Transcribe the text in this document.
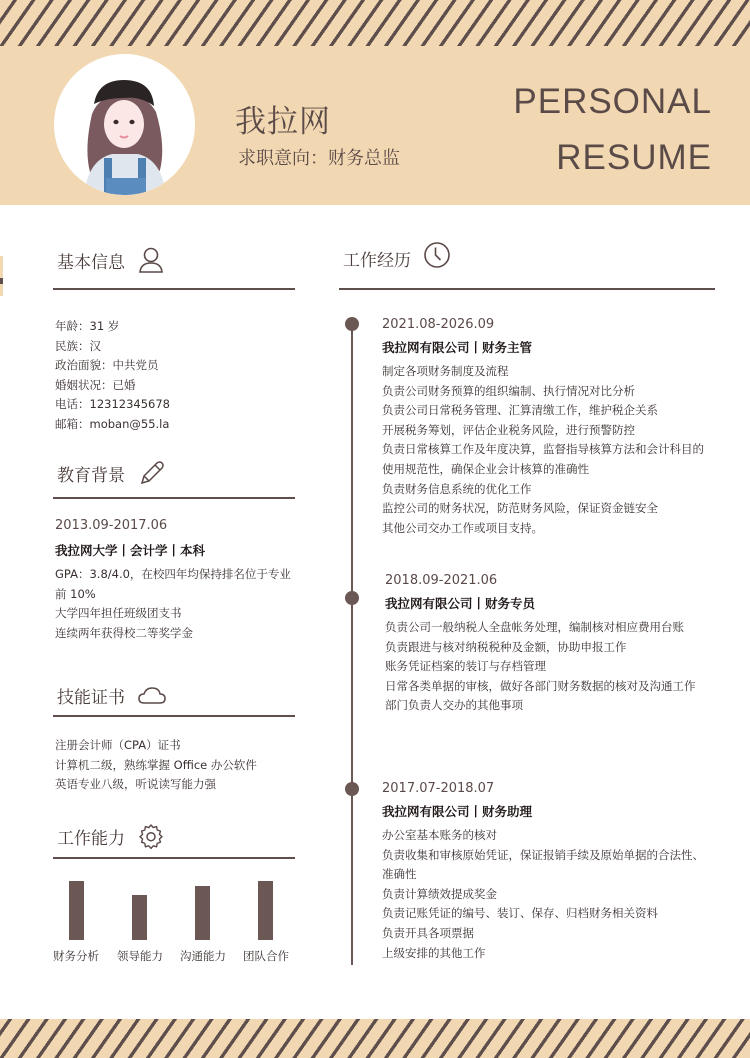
我拉网
求职意向：财务总监
PERSONAL
RESUME
基本信息
年龄：31 岁
民族：汉
政治面貌：中共党员
婚姻状况：已婚
电话：12312345678
邮箱：moban@55.la
教育背景
2013.09-2017.06
我拉网大学丨会计学丨本科
GPA：3.8/4.0，在校四年均保持排名位于专业
前 10%
大学四年担任班级团支书
连续两年获得校二等奖学金
技能证书
注册会计师（CPA）证书
计算机二级，熟练掌握 Office 办公软件
英语专业八级，听说读写能力强
工作能力
财务分析 领导能力 沟通能力 团队合作
工作经历
2021.08-2026.09
我拉网有限公司丨财务主管
制定各项财务制度及流程
负责公司财务预算的组织编制、执行情况对比分析
负责公司日常税务管理、汇算清缴工作，维护税企关系
开展税务筹划，评估企业税务风险，进行预警防控
负责日常核算工作及年度决算，监督指导核算方法和会计科目的
使用规范性，确保企业会计核算的准确性
负责财务信息系统的优化工作
监控公司的财务状况，防范财务风险，保证资金链安全
其他公司交办工作或项目支持。
2018.09-2021.06
我拉网有限公司丨财务专员
负责公司一般纳税人全盘帐务处理，编制核对相应费用台账
负责跟进与核对纳税税种及金额，协助申报工作
账务凭证档案的装订与存档管理
日常各类单据的审核，做好各部门财务数据的核对及沟通工作
部门负责人交办的其他事项
2017.07-2018.07
我拉网有限公司丨财务助理
办公室基本账务的核对
负责收集和审核原始凭证，保证报销手续及原始单据的合法性、
准确性
负责计算绩效提成奖金
负责记账凭证的编号、装订、保存、归档财务相关资料
负责开具各项票据
上级安排的其他工作
